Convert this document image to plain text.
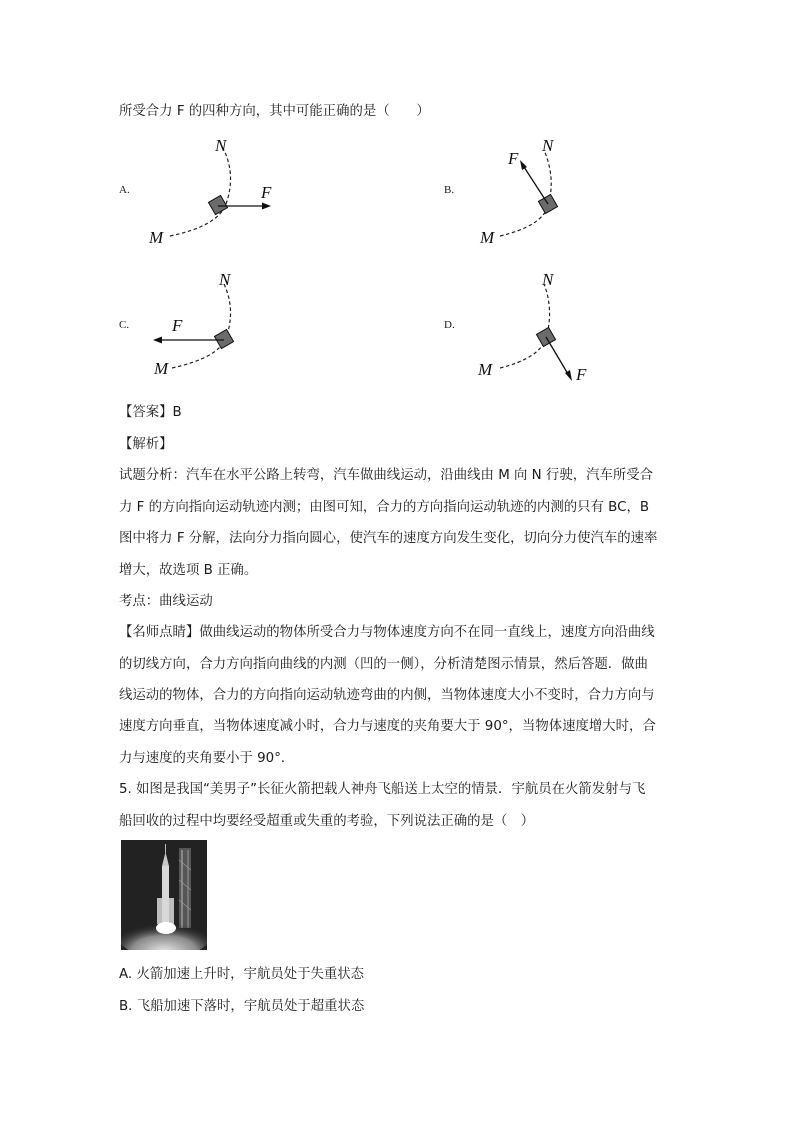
所受合力 F 的四种方向，其中可能正确的是（　　）
A.
N
M
F	B.
N
M
F
C.
N
M
F	D.
N
M	F
【答案】B
【解析】
试题分析：汽车在水平公路上转弯，汽车做曲线运动，沿曲线由 M 向 N 行驶，汽车所受合
力 F 的方向指向运动轨迹内测；由图可知，合力的方向指向运动轨迹的内测的只有 BC，B
图中将力 F 分解，法向分力指向圆心，使汽车的速度方向发生变化，切向分力使汽车的速率
增大，故选项 B 正确。
考点：曲线运动
【名师点睛】做曲线运动的物体所受合力与物体速度方向不在同一直线上，速度方向沿曲线
的切线方向，合力方向指向曲线的内测（凹的一侧），分析清楚图示情景，然后答题．做曲
线运动的物体，合力的方向指向运动轨迹弯曲的内侧，当物体速度大小不变时，合力方向与
速度方向垂直，当物体速度减小时，合力与速度的夹角要大于 90°，当物体速度增大时，合
力与速度的夹角要小于 90°．
5. 如图是我国“美男子”长征火箭把载人神舟飞船送上太空的情景．宇航员在火箭发射与飞
船回收的过程中均要经受超重或失重的考验，下列说法正确的是（　）
A. 火箭加速上升时，宇航员处于失重状态
B. 飞船加速下落时，宇航员处于超重状态
